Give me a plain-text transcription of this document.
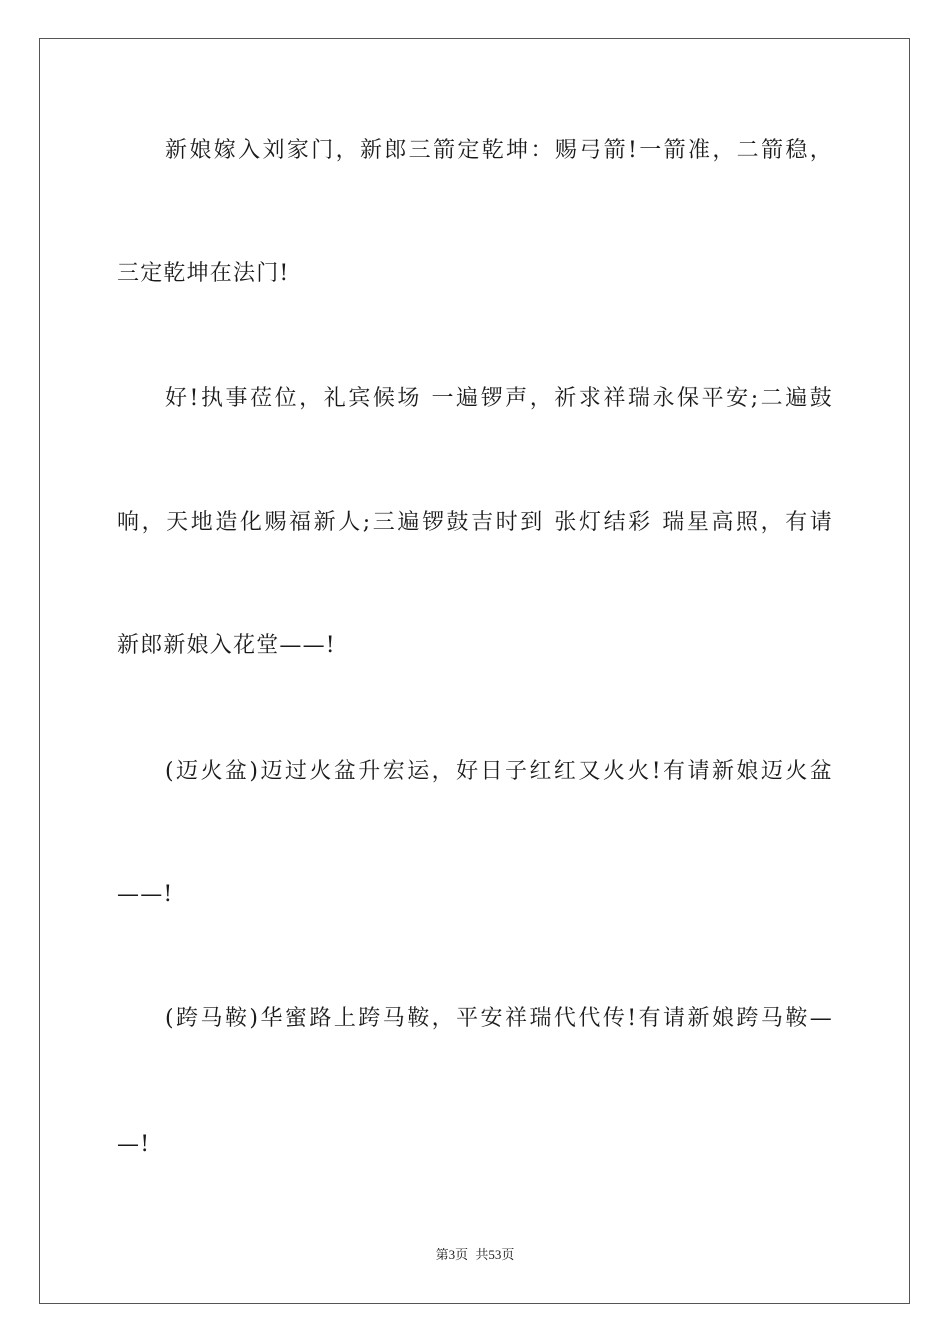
新娘嫁入刘家门，新郎三箭定乾坤：赐弓箭!一箭准，二箭稳，
三定乾坤在法门!
好!执事莅位，礼宾候场 一遍锣声，祈求祥瑞永保平安;二遍鼓
响，天地造化赐福新人;三遍锣鼓吉时到 张灯结彩 瑞星高照，有请
新郎新娘入花堂——!
(迈火盆)迈过火盆升宏运，好日子红红又火火!有请新娘迈火盆
——!
(跨马鞍)华蜜路上跨马鞍，平安祥瑞代代传!有请新娘跨马鞍—
—!
第3页 共53页
